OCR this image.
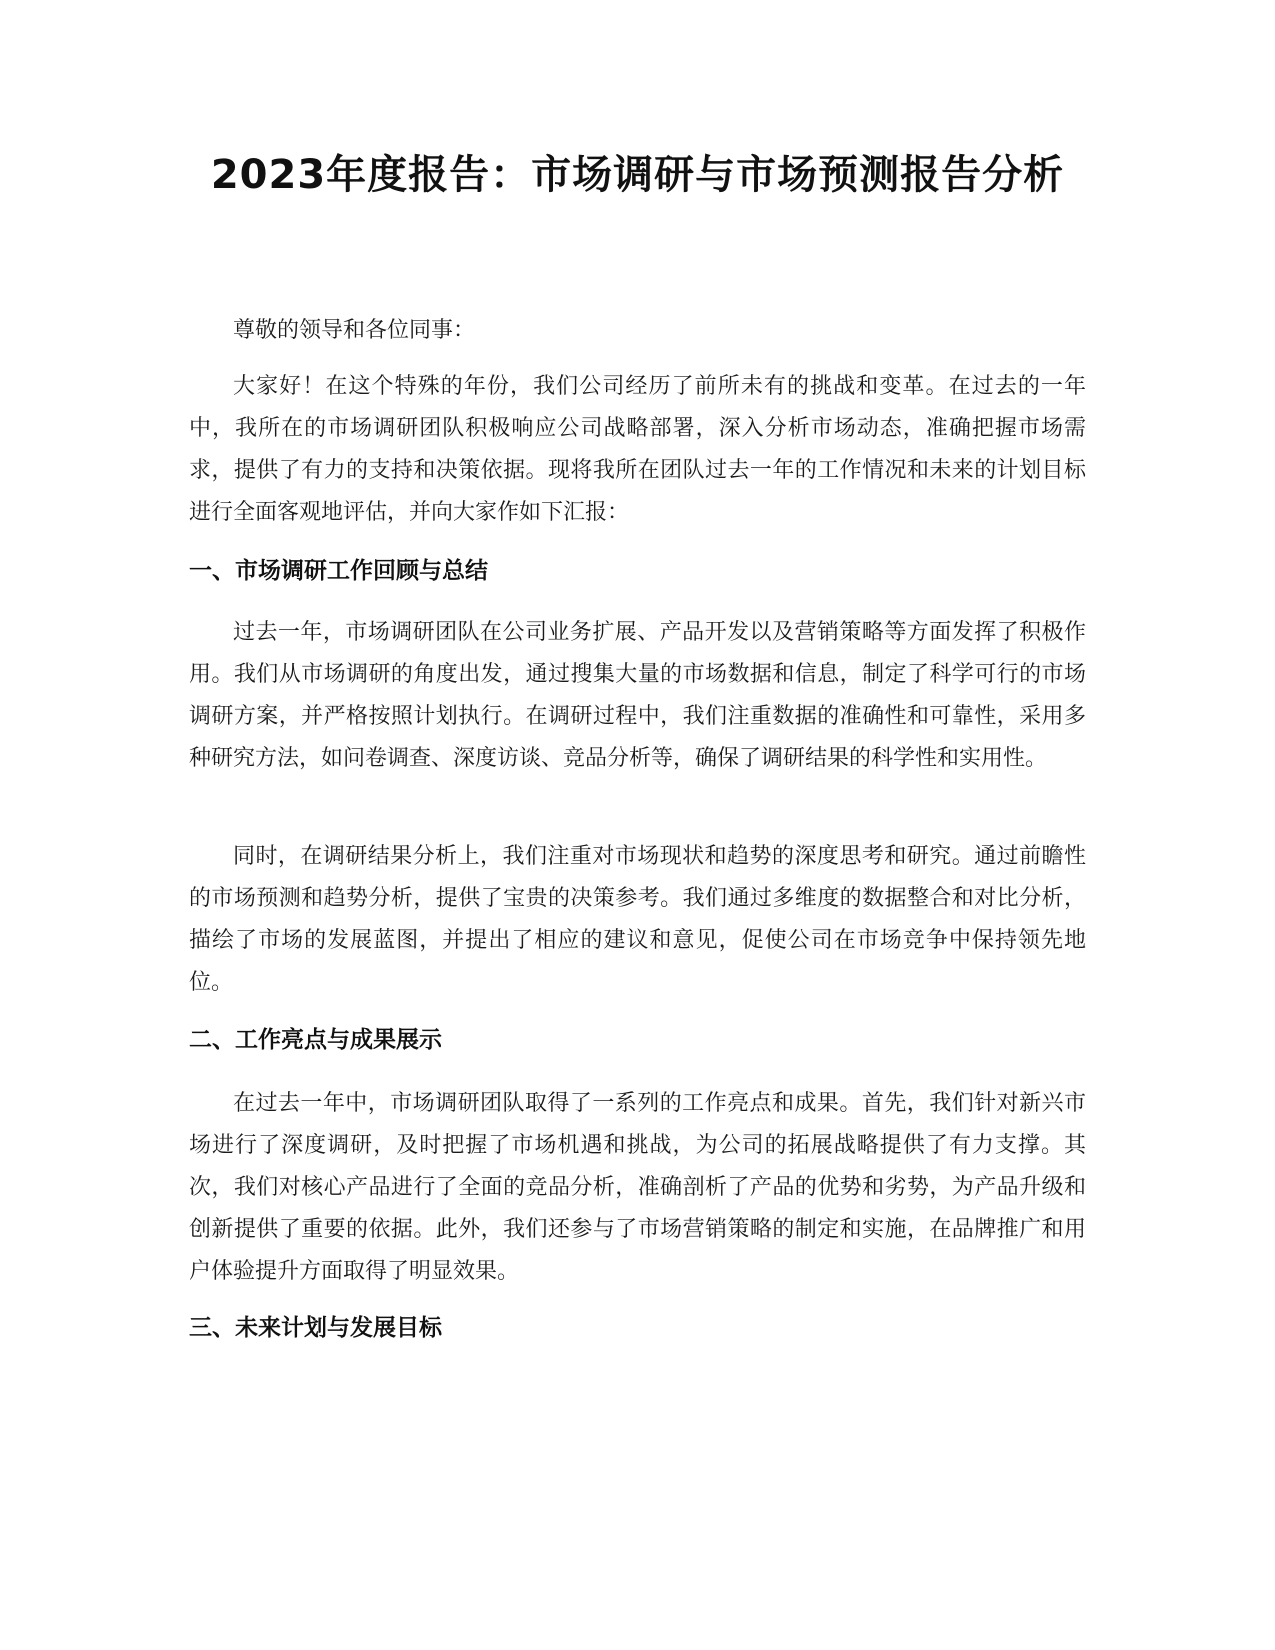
2023年度报告：市场调研与市场预测报告分析

尊敬的领导和各位同事：

大家好！在这个特殊的年份，我们公司经历了前所未有的挑战和变革。在过去的一年中，我所在的市场调研团队积极响应公司战略部署，深入分析市场动态，准确把握市场需求，提供了有力的支持和决策依据。现将我所在团队过去一年的工作情况和未来的计划目标进行全面客观地评估，并向大家作如下汇报：

一、市场调研工作回顾与总结

过去一年，市场调研团队在公司业务扩展、产品开发以及营销策略等方面发挥了积极作用。我们从市场调研的角度出发，通过搜集大量的市场数据和信息，制定了科学可行的市场调研方案，并严格按照计划执行。在调研过程中，我们注重数据的准确性和可靠性，采用多种研究方法，如问卷调查、深度访谈、竞品分析等，确保了调研结果的科学性和实用性。

同时，在调研结果分析上，我们注重对市场现状和趋势的深度思考和研究。通过前瞻性的市场预测和趋势分析，提供了宝贵的决策参考。我们通过多维度的数据整合和对比分析，描绘了市场的发展蓝图，并提出了相应的建议和意见，促使公司在市场竞争中保持领先地位。

二、工作亮点与成果展示

在过去一年中，市场调研团队取得了一系列的工作亮点和成果。首先，我们针对新兴市场进行了深度调研，及时把握了市场机遇和挑战，为公司的拓展战略提供了有力支撑。其次，我们对核心产品进行了全面的竞品分析，准确剖析了产品的优势和劣势，为产品升级和创新提供了重要的依据。此外，我们还参与了市场营销策略的制定和实施，在品牌推广和用户体验提升方面取得了明显效果。

三、未来计划与发展目标
